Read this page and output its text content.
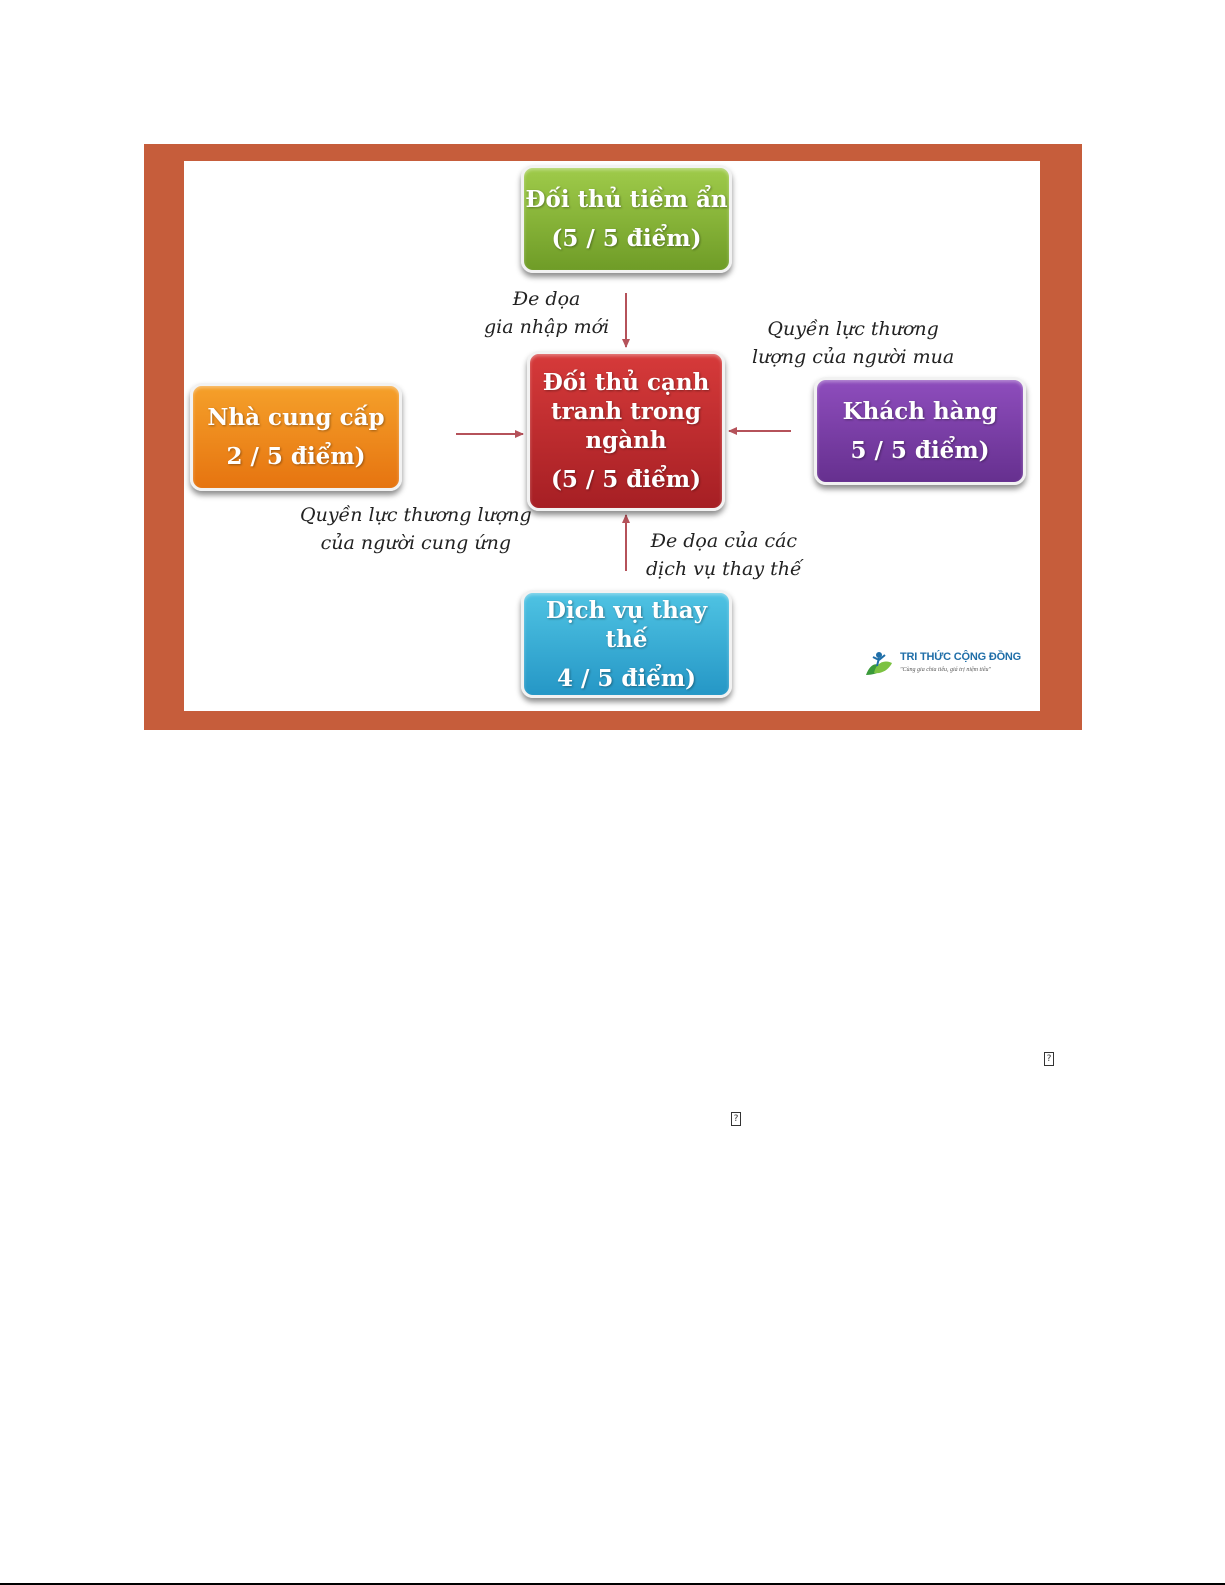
Đối thủ tiềm ẩn
(5 / 5 điểm)
Đối thủ cạnh
tranh trong
ngành
(5 / 5 điểm)
Nhà cung cấp
2 / 5 điểm)
Khách hàng
5 / 5 điểm)
Dịch vụ thay thế
4 / 5 điểm)
Đe dọa
gia nhập mới	Quyền lực thương
lượng của người mua
Quyền lực thương lượng
của người cung ứng	Đe dọa của các
dịch vụ thay thế
TRI THỨC CỘNG ĐỒNG
"Cùng gia chia tiêu, giá trị niệm tiêu"
?
?
